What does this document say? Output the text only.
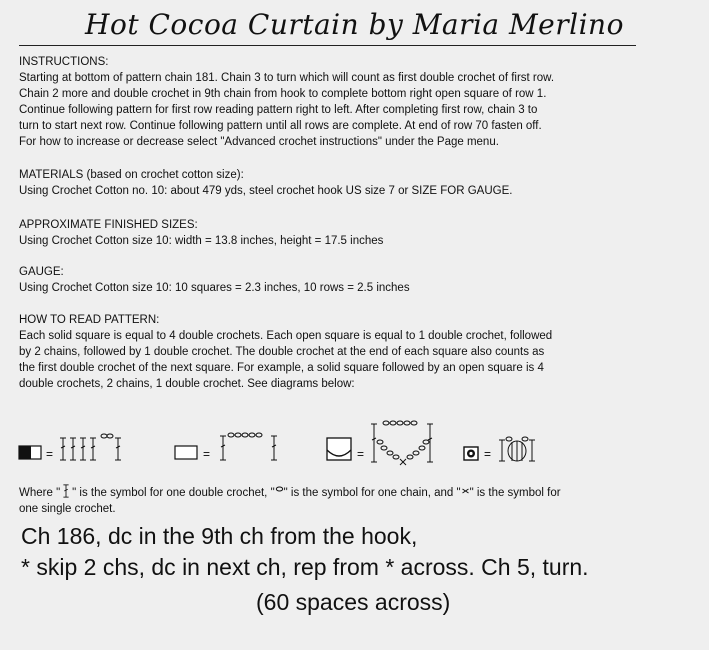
Hot Cocoa Curtain by Maria Merlino
INSTRUCTIONS:
Starting at bottom of pattern chain 181. Chain 3 to turn which will count as first double crochet of first row.
Chain 2 more and double crochet in 9th chain from hook to complete bottom right open square of row 1.
Continue following pattern for first row reading pattern right to left. After completing first row, chain 3 to
turn to start next row. Continue following pattern until all rows are complete. At end of row 70 fasten off.
For how to increase or decrease select "Advanced crochet instructions" under the Page menu.
MATERIALS (based on crochet cotton size):
Using Crochet Cotton no. 10: about 479 yds, steel crochet hook US size 7 or SIZE FOR GAUGE.
APPROXIMATE FINISHED SIZES:
Using Crochet Cotton size 10: width = 13.8 inches, height = 17.5 inches
GAUGE:
Using Crochet Cotton size 10: 10 squares = 2.3 inches, 10 rows = 2.5 inches
HOW TO READ PATTERN:
Each solid square is equal to 4 double crochets. Each open square is equal to 1 double crochet, followed
by 2 chains, followed by 1 double crochet. The double crochet at the end of each square also counts as
the first double crochet of the next square. For example, a solid square followed by an open square is 4
double crochets, 2 chains, 1 double crochet. See diagrams below:
=	=	=	=
Where " " is the symbol for one double crochet, " " is the symbol for one chain, and " " is the symbol for
one single crochet.
Ch 186, dc in the 9th ch from the hook,
* skip 2 chs, dc in next ch, rep from * across. Ch 5, turn.
(60 spaces across)
